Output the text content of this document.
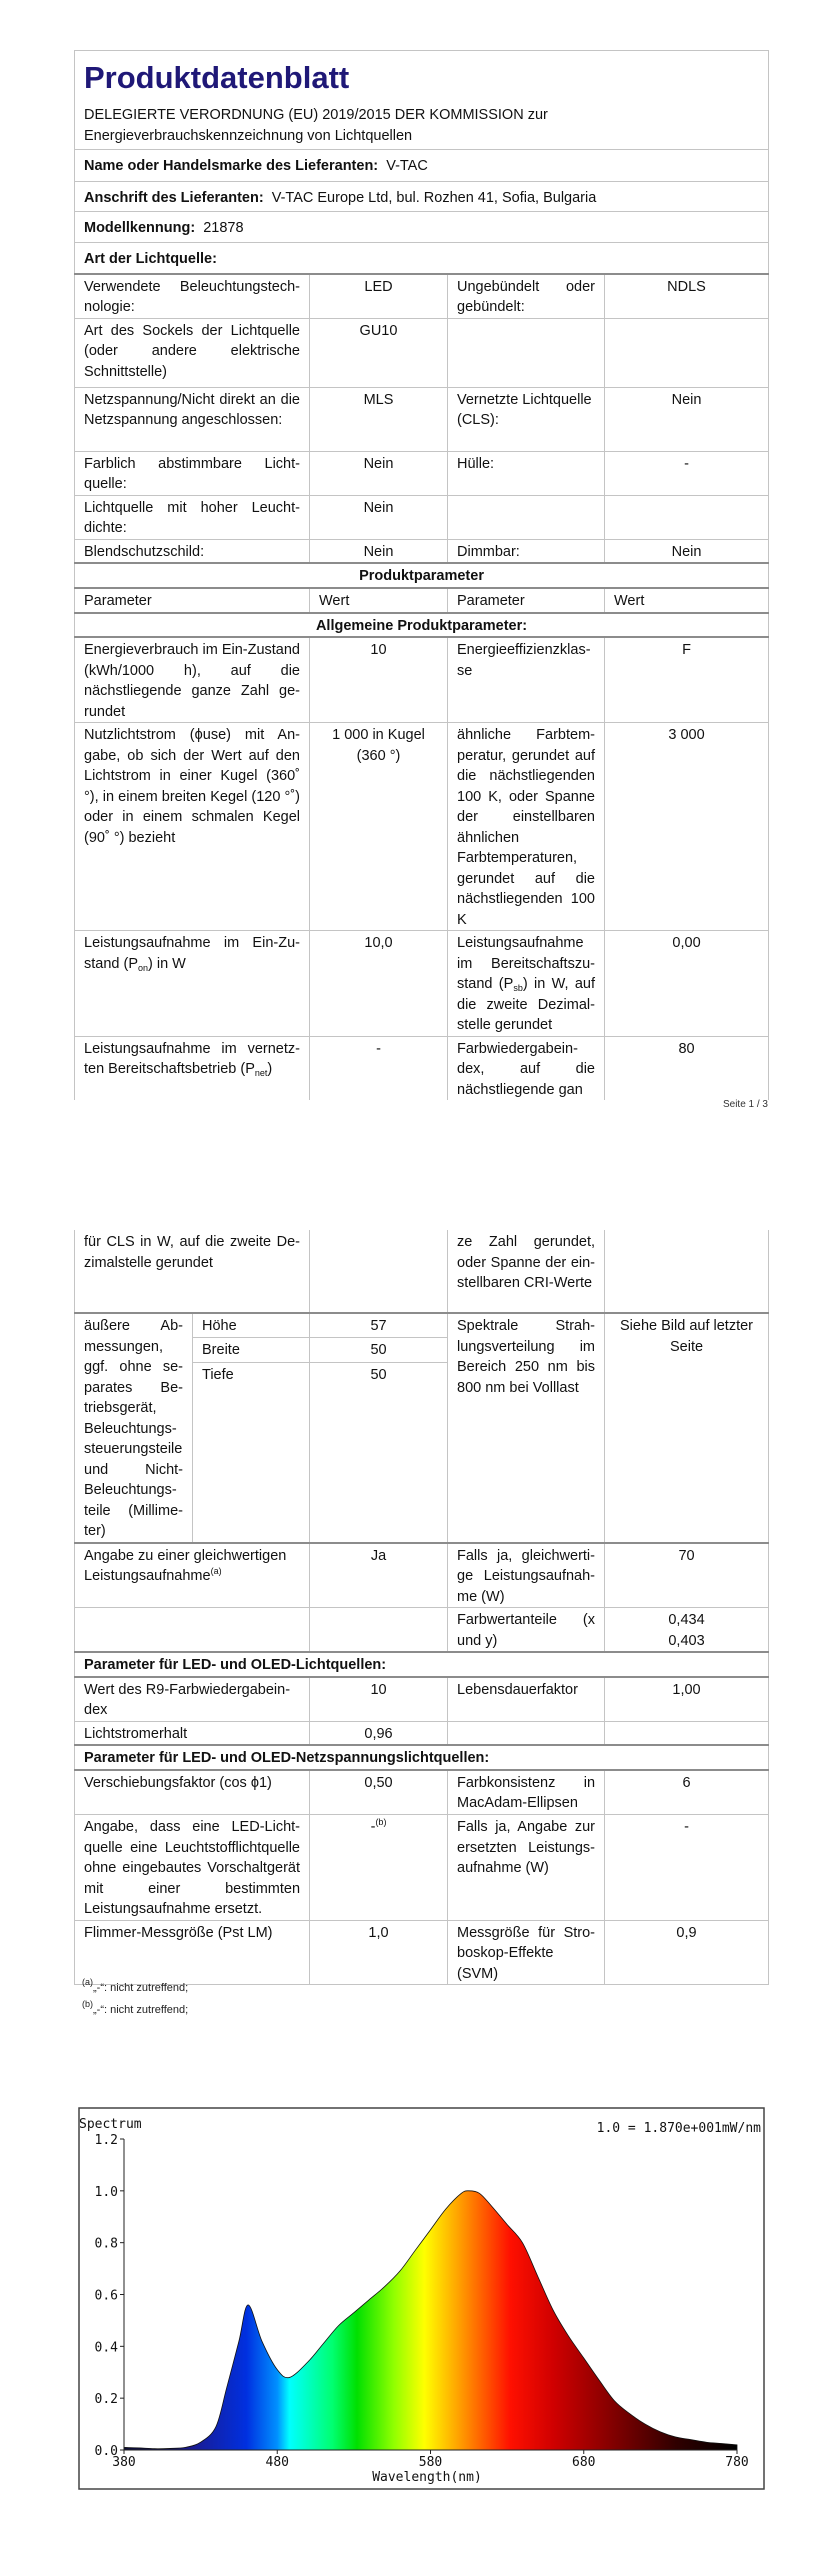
Produktdatenblatt
DELEGIERTE VERORDNUNG (EU) 2019/2015 DER KOMMISSION zur Energieverbrauchskennzeichnung von Lichtquellen			

Name oder Handelsmarke des Lieferanten: V-TAC			
Anschrift des Lieferanten: V-TAC Europe Ltd, bul. Rozhen 41, Sofia, Bulgaria			
Modellkennung: 21878			
Art der Lichtquelle:			
Verwendete Beleuchtungstechnologie:	LED	Ungebündelt oder gebündelt:	NDLS
Art des Sockels der Lichtquelle (oder andere elektrische Schnittstelle)	GU10		
Netzspannung/Nicht direkt an die Netzspannung angeschlossen:	MLS	Vernetzte Lichtquelle (CLS):	Nein
Farblich abstimmbare Lichtquelle:	Nein	Hülle:	-
Lichtquelle mit hoher Leuchtdichte:	Nein		
Blendschutzschild:	Nein	Dimmbar:	Nein
Produktparameter			
Parameter	Wert	Parameter	Wert
Allgemeine Produktparameter:			
Energieverbrauch im Ein-Zustand (kWh/1000 h), auf die nächstliegende ganze Zahl gerundet	10	Energieeffizienzklasse	F
Nutzlichtstrom (ϕuse) mit Angabe, ob sich der Wert auf den Lichtstrom in einer Kugel (360˚ °), in einem breiten Kegel (120 °˚) oder in einem schmalen Kegel (90˚ °) bezieht	1 000 in Kugel (360 °)	ähnliche Farbtemperatur, gerundet auf die nächstliegenden 100 K, oder Spanne der einstellbaren ähnlichen Farbtemperaturen, gerundet auf die nächstliegenden 100 K	3 000
Leistungsaufnahme im Ein-Zustand $(P_{on})$ in W	10,0	Leistungsaufnahme im Bereitschaftszustand $(P_{sb})$ in W, auf die zweite Dezimalstelle gerundet	0,00
Leistungsaufnahme im vernetzten Bereitschaftsbetrieb $(P_{net})$	-	Farbwiedergabeindex, auf die nächstliegende gan	80
Seite 1 / 3
für CLS in W, auf die zweite Dezimalstelle gerundet			ze Zahl gerundet, oder Spanne der einstellbaren CRI-Werte	
äußere Abmessungen, ggf. ohne separates Betriebsgerät, Beleuchtungssteuerungsteile und Nicht-Beleuchtungsteile (Millimeter)	Höhe	57	Spektrale Strahlungsverteilung im Bereich 250 nm bis 800 nm bei Volllast	Siehe Bild auf letzter Seite
	Breite	50		
	Tiefe	50		
Angabe zu einer gleichwertigen Leistungsaufnahme$^{(a)}$		Ja	Falls ja, gleichwertige Leistungsaufnahme (W)	70
			Farbwertanteile (x und y)	0,434
0,403

Parameter für LED- und OLED-Lichtquellen:				
Wert des R9-Farbwiedergabeindex		10	Lebensdauerfaktor	1,00
Lichtstromerhalt		0,96		
Parameter für LED- und OLED-Netzspannungslichtquellen:				
Verschiebungsfaktor (cos ϕ1)		0,50	Farbkonsistenz in MacAdam-Ellipsen	6
Angabe, dass eine LED-Lichtquelle eine Leuchtstofflichtquelle ohne eingebautes Vorschaltgerät mit einer bestimmten Leistungsaufnahme ersetzt.		-$^{(b)}$	Falls ja, Angabe zur ersetzten Leistungsaufnahme (W)	-
Flimmer-Messgröße (Pst LM)		1,0	Messgröße für Stroboskop-Effekte (SVM)	0,9
$^{(a)}$„-“: nicht zutreffend;
$^{(b)}$„-“: nicht zutreffend;
Spectrum	1.0 = 1.870e+001mW/nm
0.0
0.2
0.4
0.6
0.8
1.0
1.2
380	480	580	680	780
Wavelength(nm)
